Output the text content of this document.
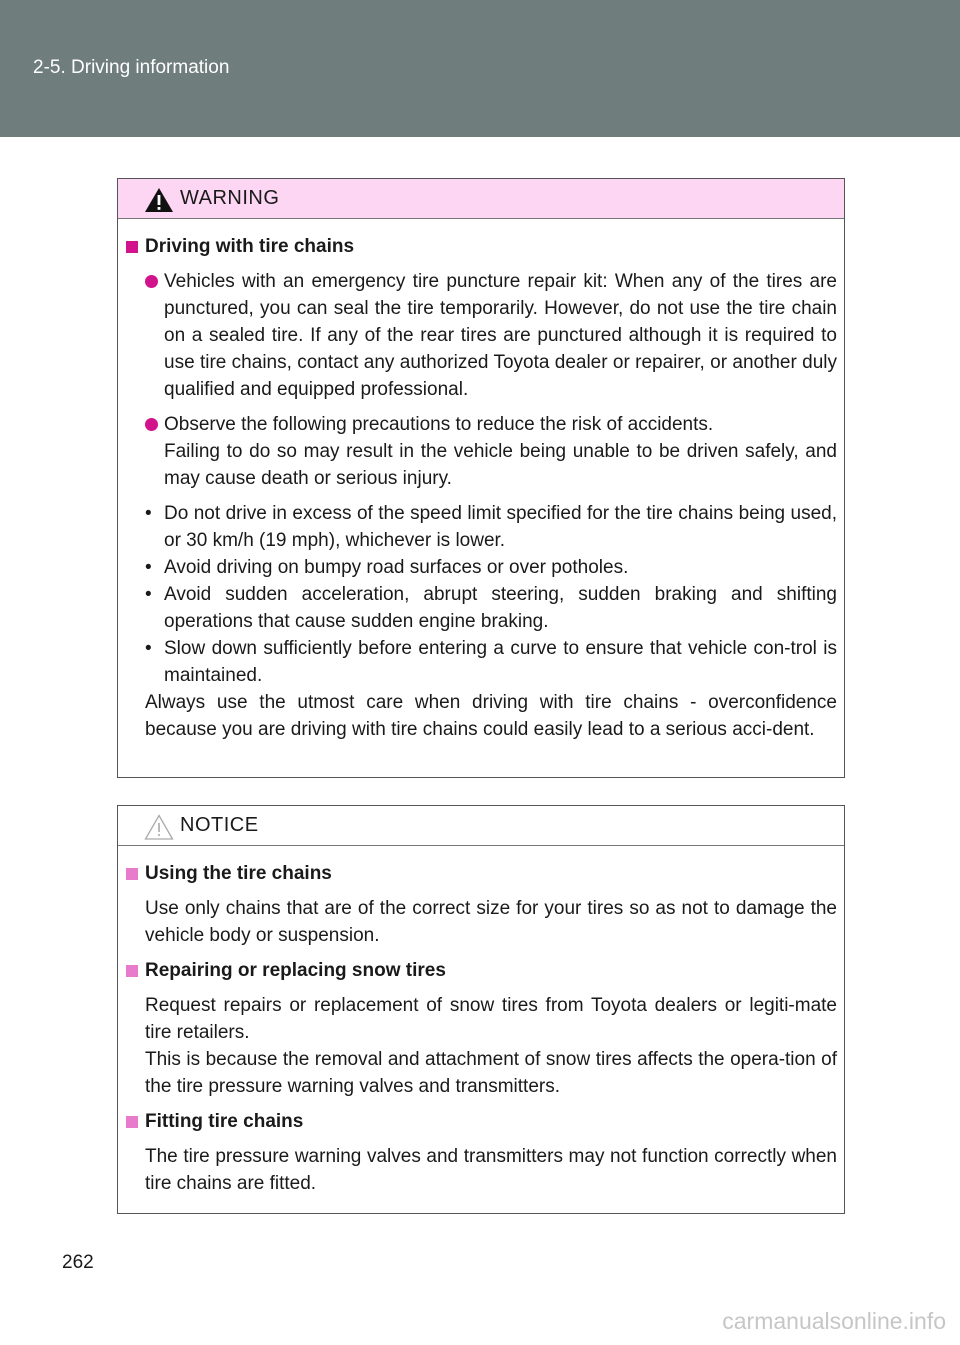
2-5. Driving information
WARNING
Driving with tire chains
Vehicles with an emergency tire puncture repair kit: When any of the tires are punctured, you can seal the tire temporarily. However, do not use the tire chain on a sealed tire. If any of the rear tires are punctured although it is required to use tire chains, contact any authorized Toyota dealer or repairer, or another duly qualified and equipped professional.
Observe the following precautions to reduce the risk of accidents.
Failing to do so may result in the vehicle being unable to be driven safely, and may cause death or serious injury.
• Do not drive in excess of the speed limit specified for the tire chains being used, or 30 km/h (19 mph), whichever is lower.
• Avoid driving on bumpy road surfaces or over potholes.
• Avoid sudden acceleration, abrupt steering, sudden braking and shifting operations that cause sudden engine braking.
• Slow down sufficiently before entering a curve to ensure that vehicle con-trol is maintained.
Always use the utmost care when driving with tire chains - overconfidence because you are driving with tire chains could easily lead to a serious acci-dent.
NOTICE
Using the tire chains
Use only chains that are of the correct size for your tires so as not to damage the vehicle body or suspension.
Repairing or replacing snow tires
Request repairs or replacement of snow tires from Toyota dealers or legiti-mate tire retailers.
This is because the removal and attachment of snow tires affects the opera-tion of the tire pressure warning valves and transmitters.
Fitting tire chains
The tire pressure warning valves and transmitters may not function correctly when tire chains are fitted.
262
carmanualsonline.info
